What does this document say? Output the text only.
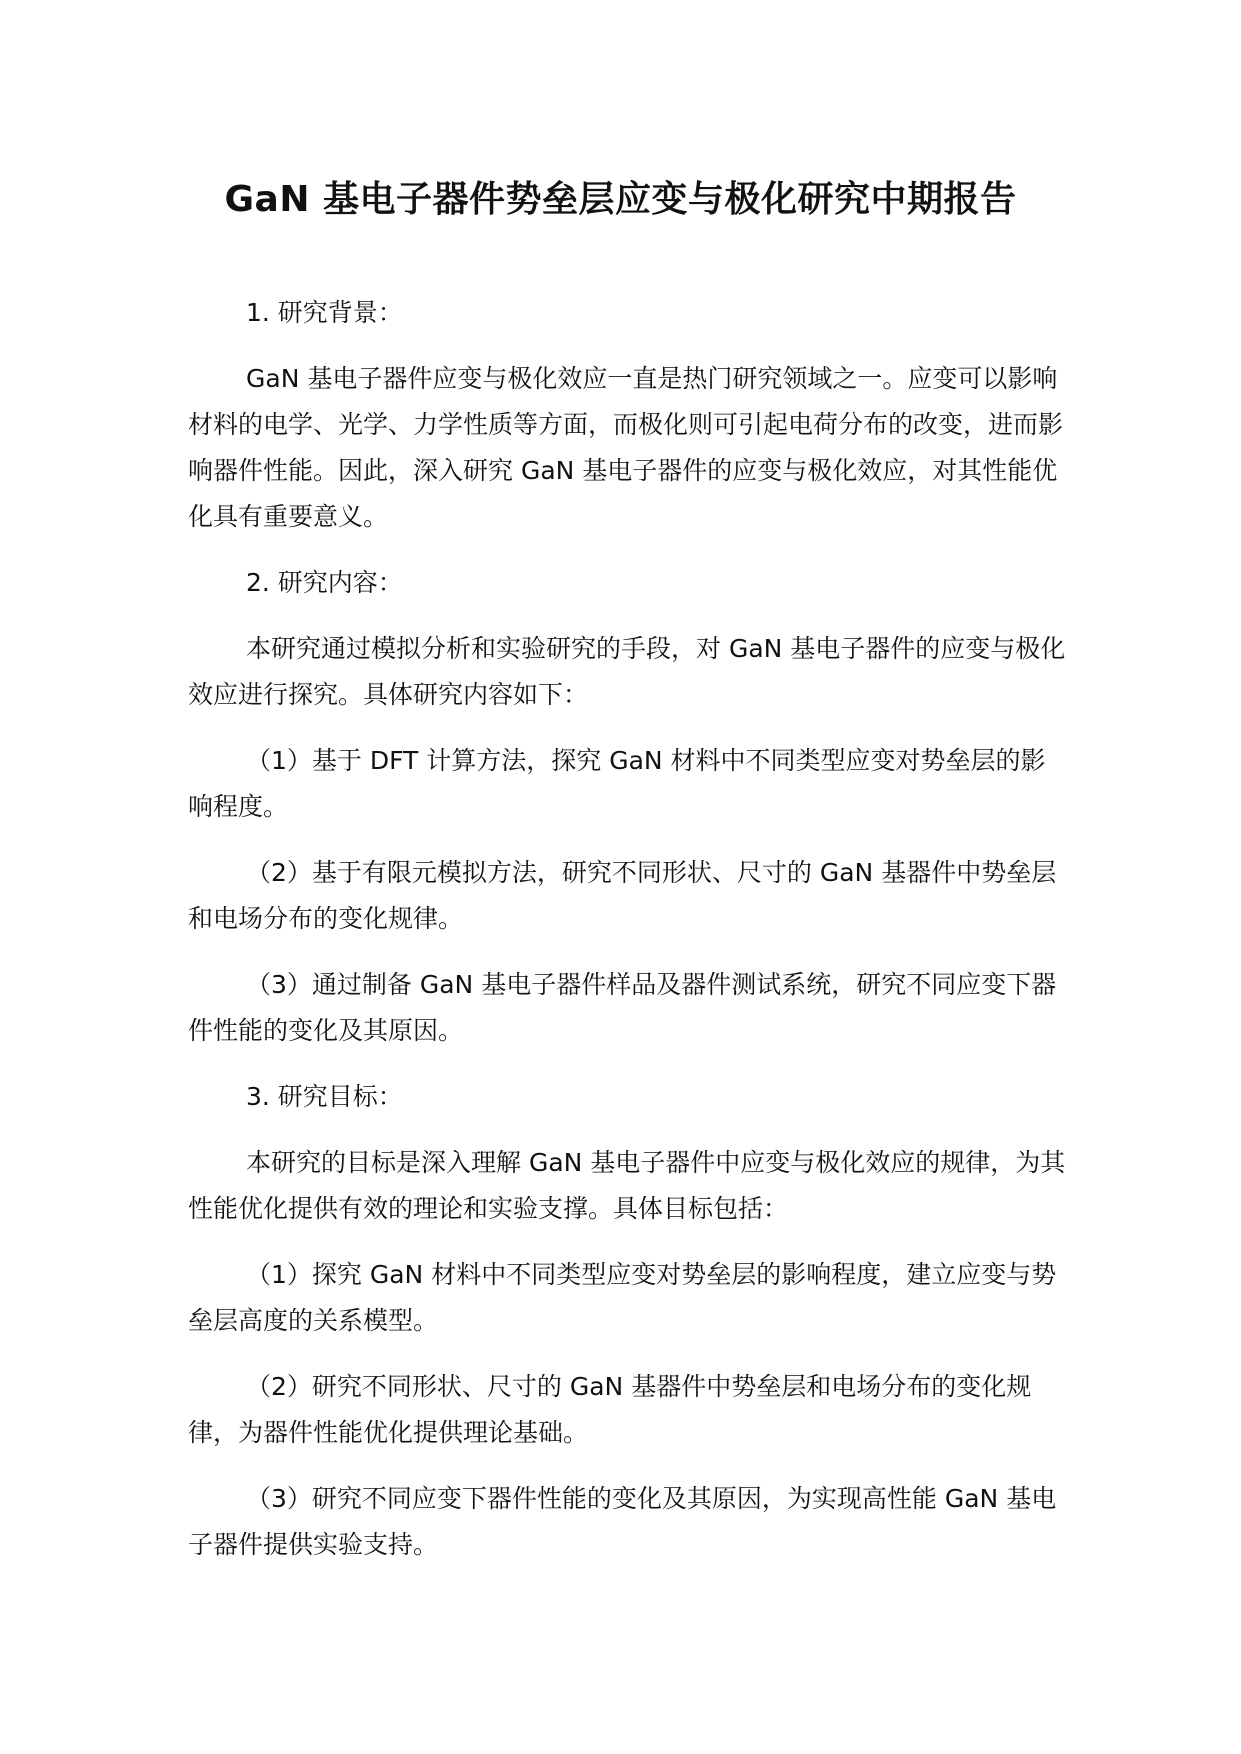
GaN 基电子器件势垒层应变与极化研究中期报告

1. 研究背景：

GaN 基电子器件应变与极化效应一直是热门研究领域之一。应变可以影响材料的电学、光学、力学性质等方面，而极化则可引起电荷分布的改变，进而影响器件性能。因此，深入研究 GaN 基电子器件的应变与极化效应，对其性能优化具有重要意义。

2. 研究内容：

本研究通过模拟分析和实验研究的手段，对 GaN 基电子器件的应变与极化效应进行探究。具体研究内容如下：

（1）基于 DFT 计算方法，探究 GaN 材料中不同类型应变对势垒层的影响程度。

（2）基于有限元模拟方法，研究不同形状、尺寸的 GaN 基器件中势垒层和电场分布的变化规律。

（3）通过制备 GaN 基电子器件样品及器件测试系统，研究不同应变下器件性能的变化及其原因。

3. 研究目标：

本研究的目标是深入理解 GaN 基电子器件中应变与极化效应的规律，为其性能优化提供有效的理论和实验支撑。具体目标包括：

（1）探究 GaN 材料中不同类型应变对势垒层的影响程度，建立应变与势垒层高度的关系模型。

（2）研究不同形状、尺寸的 GaN 基器件中势垒层和电场分布的变化规律，为器件性能优化提供理论基础。

（3）研究不同应变下器件性能的变化及其原因，为实现高性能 GaN 基电子器件提供实验支持。
